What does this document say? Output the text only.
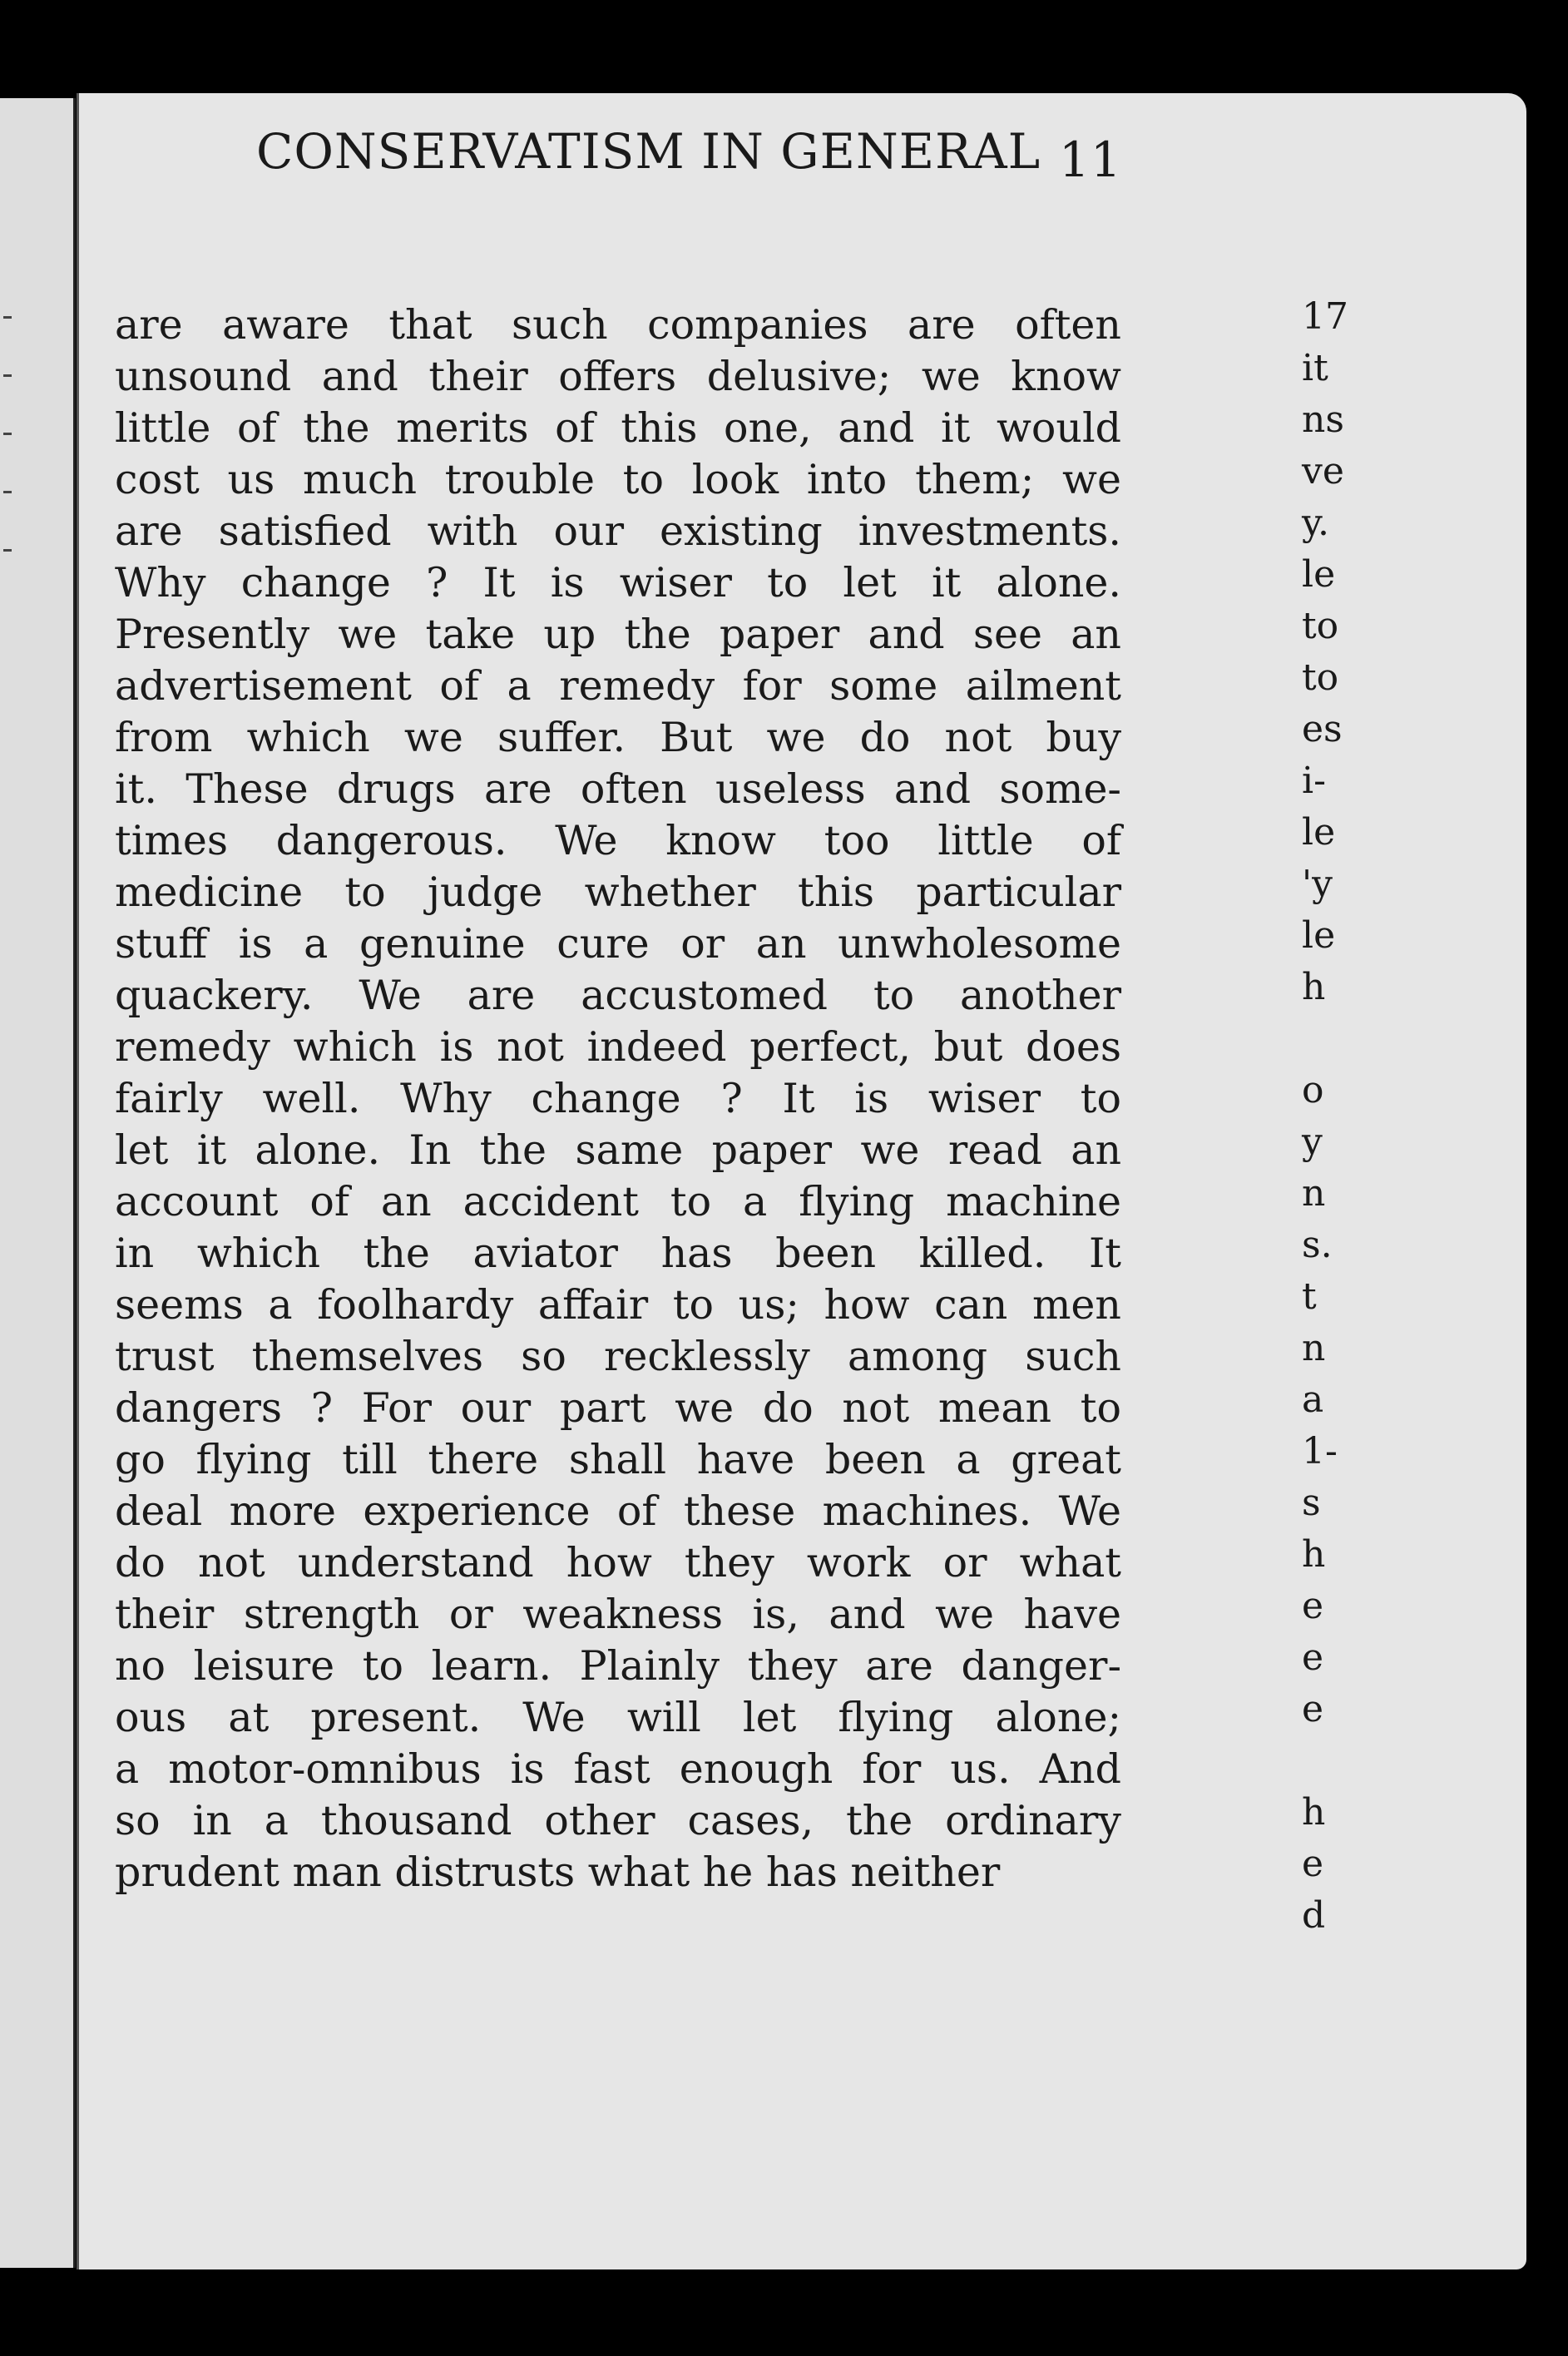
CONSERVATISM IN GENERAL 11
are aware that such companies are often
unsound and their offers delusive; we know
little of the merits of this one, and it would
cost us much trouble to look into them; we
are satisfied with our existing investments.
Why change ? It is wiser to let it alone.
Presently we take up the paper and see an
advertisement of a remedy for some ailment
from which we suffer. But we do not buy
it. These drugs are often useless and some-
times dangerous. We know too little of
medicine to judge whether this particular
stuff is a genuine cure or an unwholesome
quackery. We are accustomed to another
remedy which is not indeed perfect, but does
fairly well. Why change ? It is wiser to
let it alone. In the same paper we read an
account of an accident to a flying machine
in which the aviator has been killed. It
seems a foolhardy affair to us; how can men
trust themselves so recklessly among such
dangers ? For our part we do not mean to
go flying till there shall have been a great
deal more experience of these machines. We
do not understand how they work or what
their strength or weakness is, and we have
no leisure to learn. Plainly they are danger-
ous at present. We will let flying alone;
a motor-omnibus is fast enough for us. And
so in a thousand other cases, the ordinary
prudent man distrusts what he has neither
17
it
ns
ve
y.
le
to
to
es
i-
le
'y
le
h
o
y
n
s.
t
n
a
1-
s
h
e
e
e
h
e
d
